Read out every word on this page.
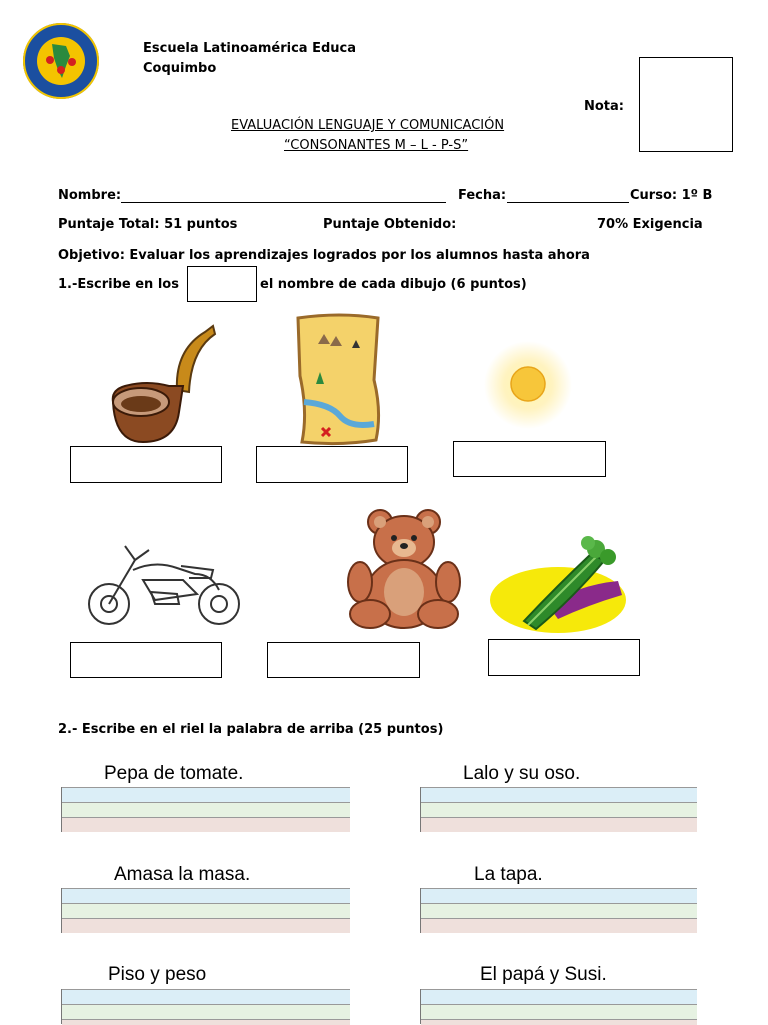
Escuela Latinoamérica Educa
Coquimbo
Nota:
EVALUACIÓN LENGUAJE Y COMUNICACIÓN
“CONSONANTES M – L - P-S”
Nombre:	Fecha:	Curso: 1º B
Puntaje Total: 51 puntos	Puntaje Obtenido:	70% Exigencia
Objetivo: Evaluar los aprendizajes logrados por los alumnos hasta ahora
1.-Escribe en los	el nombre de cada dibujo (6 puntos)
2.- Escribe en el riel la palabra de arriba (25 puntos)
Pepa de tomate.	Lalo y su oso.
Amasa la masa.	La tapa.
Piso y peso	El papá y Susi.
